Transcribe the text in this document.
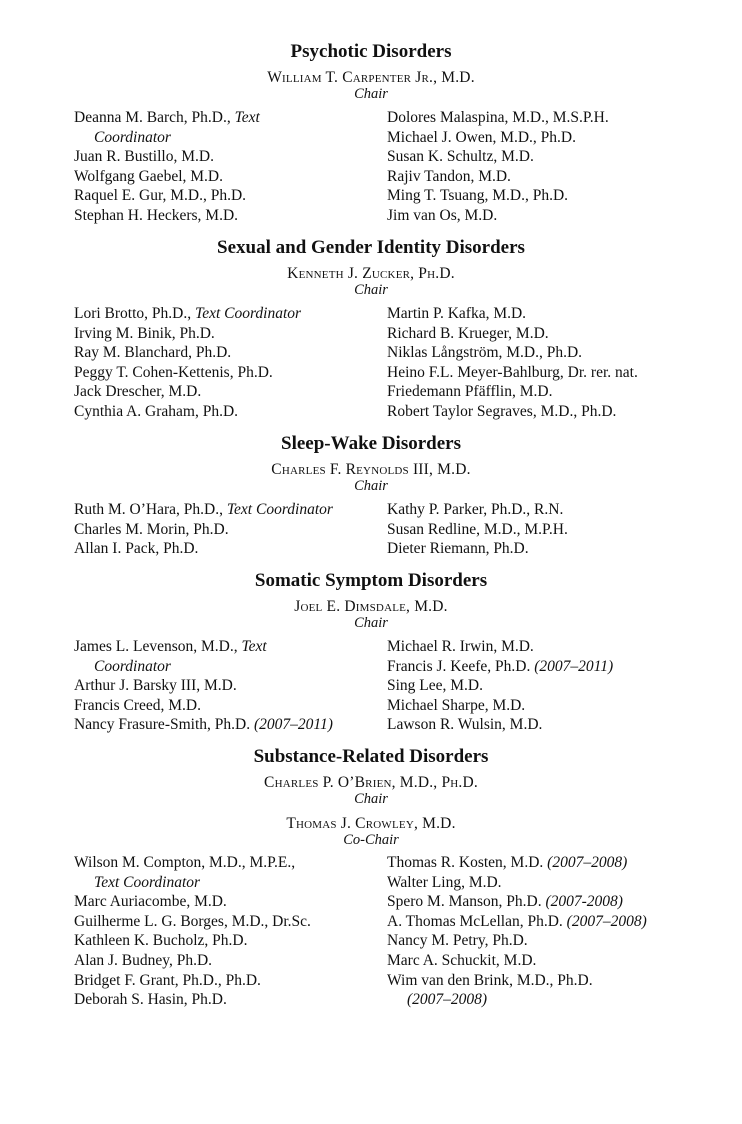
Psychotic Disorders
William T. Carpenter Jr., M.D.
Chair
Deanna M. Barch, Ph.D., Text
Coordinator
Juan R. Bustillo, M.D.
Wolfgang Gaebel, M.D.
Raquel E. Gur, M.D., Ph.D.
Stephan H. Heckers, M.D.
Dolores Malaspina, M.D., M.S.P.H.
Michael J. Owen, M.D., Ph.D.
Susan K. Schultz, M.D.
Rajiv Tandon, M.D.
Ming T. Tsuang, M.D., Ph.D.
Jim van Os, M.D.
Sexual and Gender Identity Disorders
Kenneth J. Zucker, Ph.D.
Chair
Lori Brotto, Ph.D., Text Coordinator
Irving M. Binik, Ph.D.
Ray M. Blanchard, Ph.D.
Peggy T. Cohen-Kettenis, Ph.D.
Jack Drescher, M.D.
Cynthia A. Graham, Ph.D.
Martin P. Kafka, M.D.
Richard B. Krueger, M.D.
Niklas Långström, M.D., Ph.D.
Heino F.L. Meyer-Bahlburg, Dr. rer. nat.
Friedemann Pfäfflin, M.D.
Robert Taylor Segraves, M.D., Ph.D.
Sleep-Wake Disorders
Charles F. Reynolds III, M.D.
Chair
Ruth M. O’Hara, Ph.D., Text Coordinator
Charles M. Morin, Ph.D.
Allan I. Pack, Ph.D.
Kathy P. Parker, Ph.D., R.N.
Susan Redline, M.D., M.P.H.
Dieter Riemann, Ph.D.
Somatic Symptom Disorders
Joel E. Dimsdale, M.D.
Chair
James L. Levenson, M.D., Text
Coordinator
Arthur J. Barsky III, M.D.
Francis Creed, M.D.
Nancy Frasure-Smith, Ph.D. (2007–2011)
Michael R. Irwin, M.D.
Francis J. Keefe, Ph.D. (2007–2011)
Sing Lee, M.D.
Michael Sharpe, M.D.
Lawson R. Wulsin, M.D.
Substance-Related Disorders
Charles P. O’Brien, M.D., Ph.D.
Chair
Thomas J. Crowley, M.D.
Co-Chair
Wilson M. Compton, M.D., M.P.E.,
Text Coordinator
Marc Auriacombe, M.D.
Guilherme L. G. Borges, M.D., Dr.Sc.
Kathleen K. Bucholz, Ph.D.
Alan J. Budney, Ph.D.
Bridget F. Grant, Ph.D., Ph.D.
Deborah S. Hasin, Ph.D.
Thomas R. Kosten, M.D. (2007–2008)
Walter Ling, M.D.
Spero M. Manson, Ph.D. (2007-2008)
A. Thomas McLellan, Ph.D. (2007–2008)
Nancy M. Petry, Ph.D.
Marc A. Schuckit, M.D.
Wim van den Brink, M.D., Ph.D.
(2007–2008)
